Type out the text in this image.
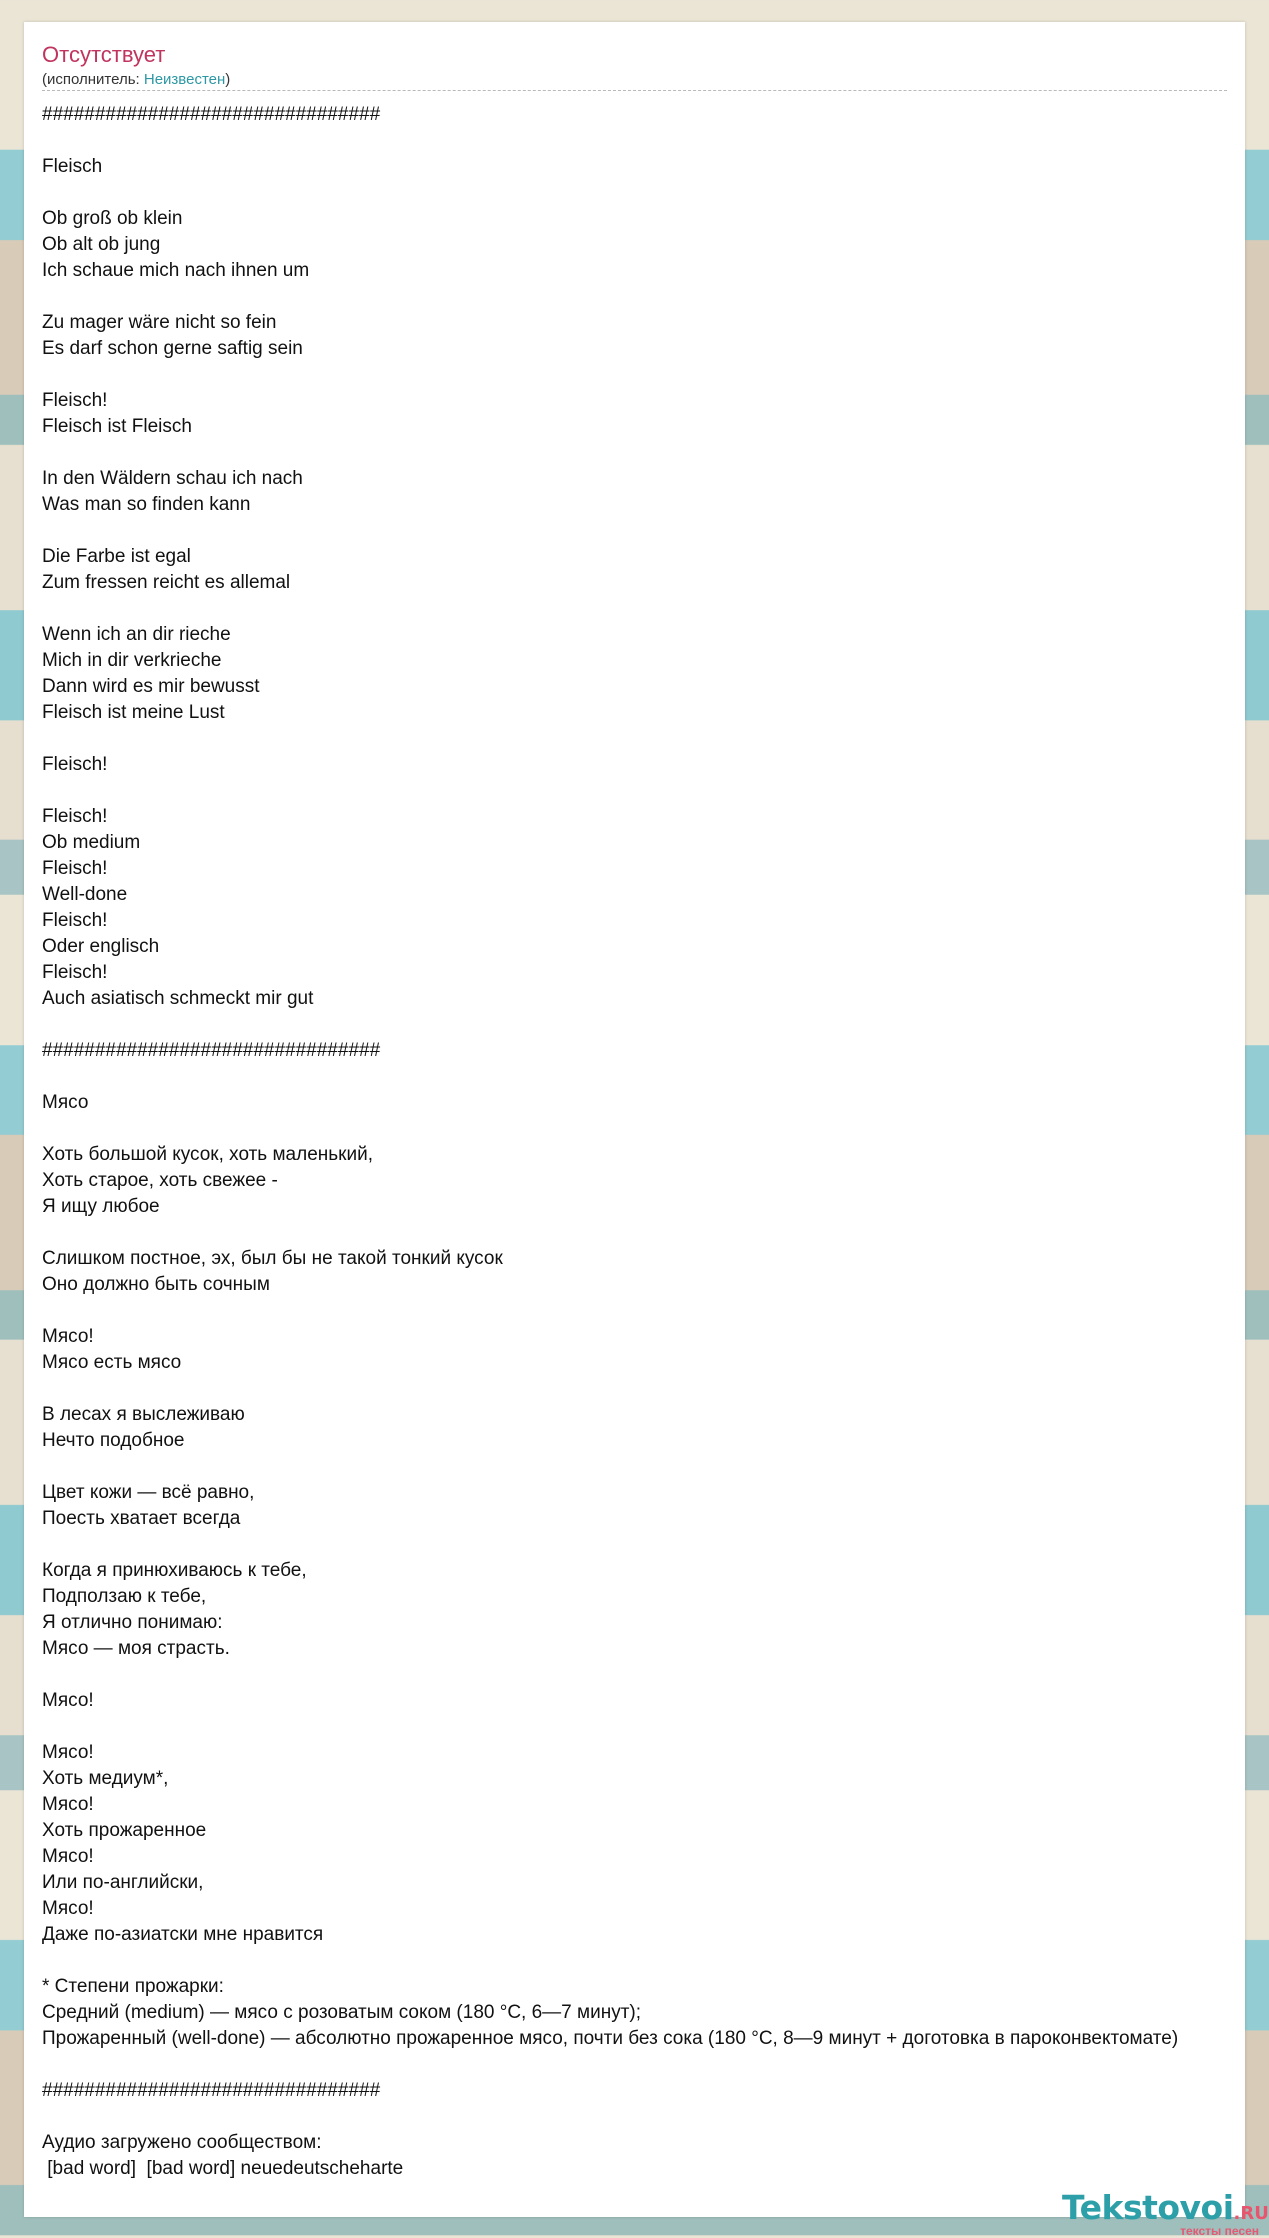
Отсутствует
(исполнитель: Неизвестен)
################################

Fleisch

Ob groß ob klein
Ob alt ob jung
Ich schaue mich nach ihnen um

Zu mager wäre nicht so fein
Es darf schon gerne saftig sein

Fleisch!
Fleisch ist Fleisch

In den Wäldern schau ich nach
Was man so finden kann

Die Farbe ist egal
Zum fressen reicht es allemal

Wenn ich an dir rieche
Mich in dir verkrieche
Dann wird es mir bewusst
Fleisch ist meine Lust

Fleisch!

Fleisch!
Ob medium
Fleisch!
Well-done
Fleisch!
Oder englisch
Fleisch!
Auch asiatisch schmeckt mir gut

################################

Мясо

Хоть большой кусок, хоть маленький,
Хоть старое, хоть свежее -
Я ищу любое

Слишком постное, эх, был бы не такой тонкий кусок
Оно должно быть сочным

Мясо!
Мясо есть мясо

В лесах я выслеживаю
Нечто подобное

Цвет кожи — всё равно,
Поесть хватает всегда

Когда я принюхиваюсь к тебе,
Подползаю к тебе,
Я отлично понимаю:
Мясо — моя страсть.

Мясо!

Мясо!
Хоть медиум*,
Мясо!
Хоть прожаренное
Мясо!
Или по-английски,
Мясо!
Даже по-азиатски мне нравится

* Степени прожарки:
Средний (medium) — мясо с розоватым соком (180 °C, 6—7 минут);
Прожаренный (well-done) — абсолютно прожаренное мясо, почти без сока (180 °C, 8—9 минут + доготовка в пароконвектомате)

################################

Аудио загружено сообществом:
[bad word]  [bad word] neuedeutscheharte
Tekstovoi.RU
тексты песен
